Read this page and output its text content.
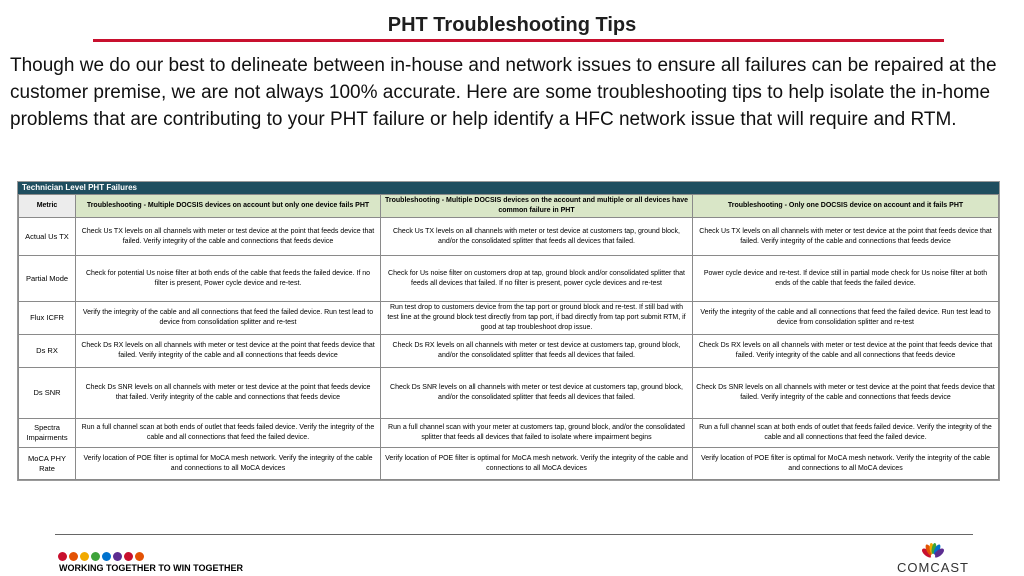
PHT Troubleshooting Tips
Though we do our best to delineate between in-house and network issues to ensure all failures can be repaired at the customer premise, we are not always 100% accurate. Here are some troubleshooting tips to help isolate the in-home problems that are contributing to your PHT failure or help identify a HFC network issue that will require and RTM.
Technician Level PHT Failures
Metric	Troubleshooting - Multiple DOCSIS devices on account but only one device fails PHT	Troubleshooting - Multiple DOCSIS devices on the account and multiple or all devices have common failure in PHT	Troubleshooting - Only one DOCSIS device on account and it fails PHT
Actual Us TX	Check Us TX levels on all channels with meter or test device at the point that feeds device that failed. Verify integrity of the cable and connections that feeds device	Check Us TX levels on all channels with meter or test device at customers tap, ground block, and/or the consolidated splitter that feeds all devices that failed.	Check Us TX levels on all channels with meter or test device at the point that feeds device that failed. Verify integrity of the cable and connections that feeds device
Partial Mode	Check for potential Us noise filter at both ends of the cable that feeds the failed device. If no filter is present, Power cycle device and re-test.	Check for Us noise filter on customers drop at tap, ground block and/or consolidated splitter that feeds all devices that failed. If no filter is present, power cycle devices and re-test	Power cycle device and re-test. If device still in partial mode check for Us noise filter at both ends of the cable that feeds the failed device.
Flux ICFR	Verify the integrity of the cable and all connections that feed the failed device. Run test lead to device from consolidation splitter and re-test	Run test drop to customers device from the tap port or ground block and re-test. If still bad with test line at the ground block test directly from tap port, if bad directly from tap port submit RTM, if good at tap troubleshoot drop issue.	Verify the integrity of the cable and all connections that feed the failed device. Run test lead to device from consolidation splitter and re-test
Ds RX	Check Ds RX levels on all channels with meter or test device at the point that feeds device that failed. Verify integrity of the cable and all connections that feeds device	Check Ds RX levels on all channels with meter or test device at customers tap, ground block, and/or the consolidated splitter that feeds all devices that failed.	Check Ds RX levels on all channels with meter or test device at the point that feeds device that failed. Verify integrity of the cable and all connections that feeds device
Ds SNR	Check Ds SNR levels on all channels with meter or test device at the point that feeds device that failed. Verify integrity of the cable and connections that feeds device	Check Ds SNR levels on all channels with meter or test device at customers tap, ground block, and/or the consolidated splitter that feeds all devices that failed.	Check Ds SNR levels on all channels with meter or test device at the point that feeds device that failed. Verify integrity of the cable and connections that feeds device
Spectra Impairments	Run a full channel scan at both ends of outlet that feeds failed device. Verify the integrity of the cable and all connections that feed the failed device.	Run a full channel scan with your meter at customers tap, ground block, and/or the consolidated splitter that feeds all devices that failed to isolate where impairment begins	Run a full channel scan at both ends of outlet that feeds failed device. Verify the integrity of the cable and all connections that feed the failed device.
MoCA PHY Rate	Verify location of POE filter is optimal for MoCA mesh network. Verify the integrity of the cable and connections to all MoCA devices	Verify location of POE filter is optimal for MoCA mesh network. Verify the integrity of the cable and connections to all MoCA devices	Verify location of POE filter is optimal for MoCA mesh network. Verify the integrity of the cable and connections to all MoCA devices
WORKING TOGETHER TO WIN TOGETHER	COMCAST
